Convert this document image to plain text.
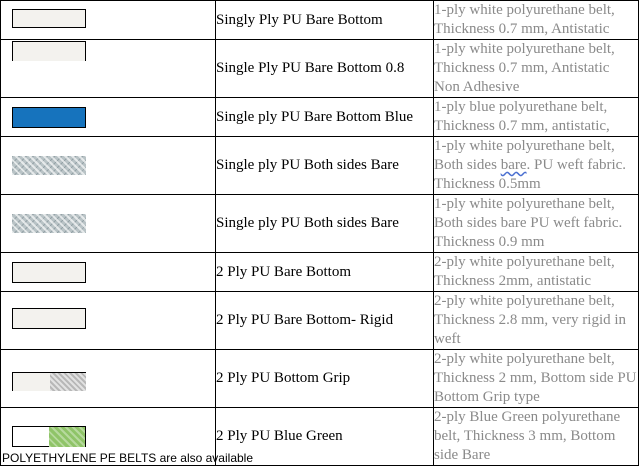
	Singly Ply PU Bare Bottom	1-ply white polyurethane belt, Thickness 0.7 mm, Antistatic

	Single Ply PU Bare Bottom 0.8	1-ply white polyurethane belt, Thickness 0.7 mm, Antistatic Non Adhesive

	Single ply PU Bare Bottom Blue	1-ply blue polyurethane belt, Thickness 0.7 mm, antistatic,

	Single ply PU Both sides Bare	1-ply white polyurethane belt, Both sides bare. PU weft fabric. Thickness 0.5mm

	Single ply PU Both sides Bare	1-ply white polyurethane belt, Both sides bare PU weft fabric. Thickness 0.9 mm

	2 Ply PU Bare Bottom	2-ply white polyurethane belt, Thickness 2mm, antistatic

	2 Ply PU Bare Bottom- Rigid	2-ply white polyurethane belt, Thickness 2.8 mm, very rigid in weft

	2 Ply PU Bottom Grip	2-ply white polyurethane belt, Thickness 2 mm, Bottom side PU Bottom Grip type

	2 Ply PU Blue Green	2-ply Blue Green polyurethane belt, Thickness 3 mm, Bottom side Bare
POLYETHYLENE PE BELTS are also available
